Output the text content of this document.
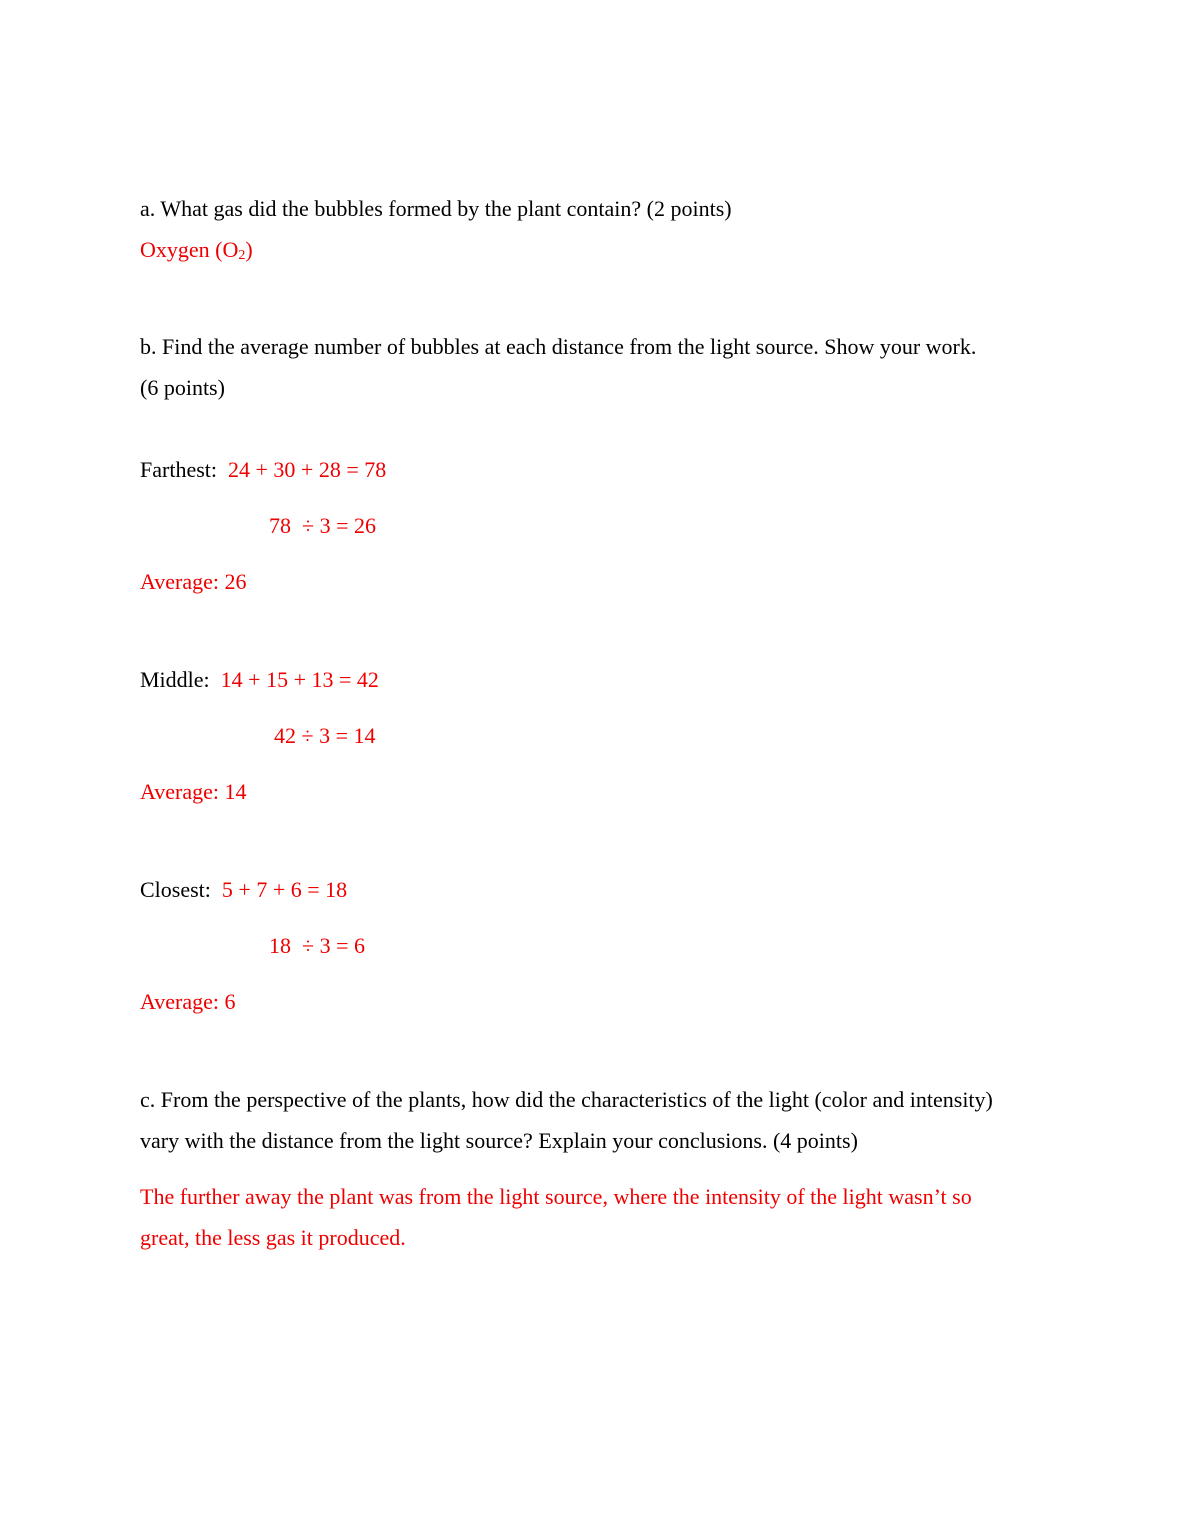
a. What gas did the bubbles formed by the plant contain? (2 points)
Oxygen (O2)
b. Find the average number of bubbles at each distance from the light source. Show your work.
(6 points)
Farthest: 24 + 30 + 28 = 78
78  ÷ 3 = 26
Average: 26
Middle: 14 + 15 + 13 = 42
42 ÷ 3 = 14
Average: 14
Closest: 5 + 7 + 6 = 18
18  ÷ 3 = 6
Average: 6
c. From the perspective of the plants, how did the characteristics of the light (color and intensity)
vary with the distance from the light source? Explain your conclusions. (4 points)
The further away the plant was from the light source, where the intensity of the light wasn’t so
great, the less gas it produced.
